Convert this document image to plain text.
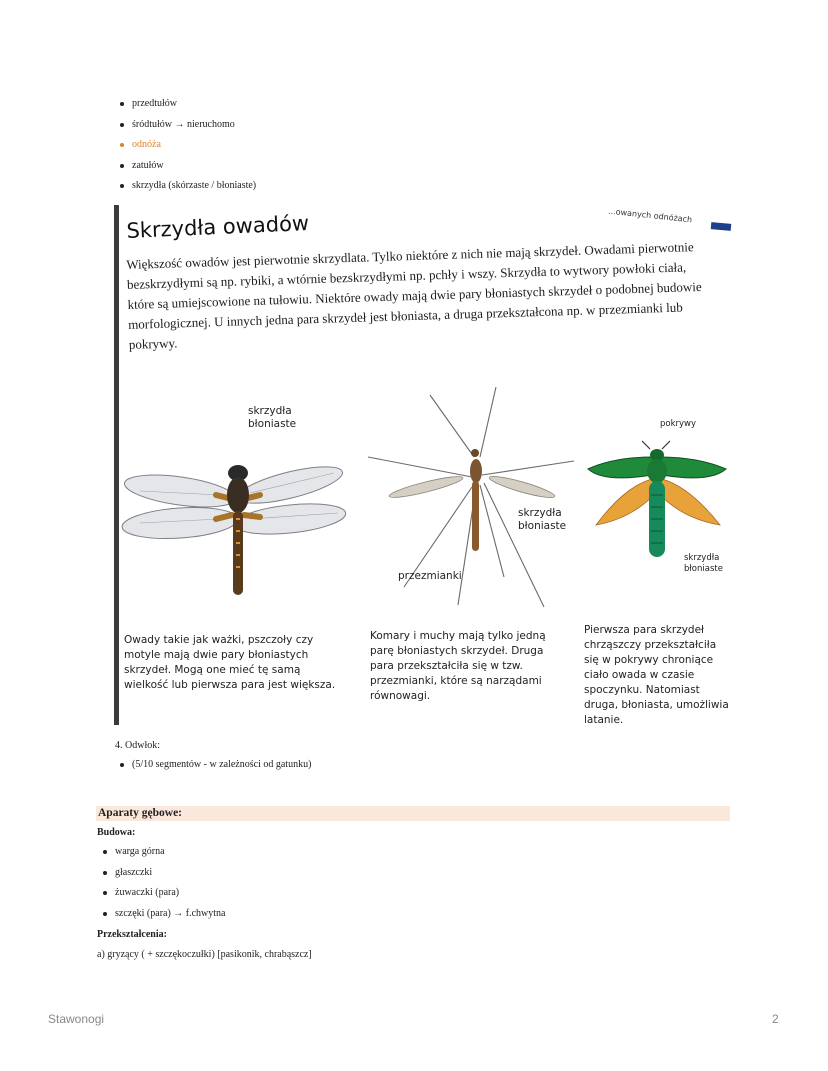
przedtułów
śródtułów → nieruchomo
odnóża
zatułów
skrzydła (skórzaste / błoniaste)
...owanych odnóżach
Skrzydła owadów
Większość owadów jest pierwotnie skrzydlata. Tylko niektóre z nich nie mają skrzydeł. Owadami pierwotnie bezskrzydłymi są np. rybiki, a wtórnie bezskrzydłymi np. pchły i wszy. Skrzydła to wytwory powłoki ciała, które są umiejscowione na tułowiu. Niektóre owady mają dwie pary błoniastych skrzydeł o podobnej budowie morfologicznej. U innych jedna para skrzydeł jest błoniasta, a druga przekształcona np. w przezmianki lub pokrywy.
skrzydła błoniaste
skrzydła błoniaste
przezmianki
pokrywy
skrzydła błoniaste
Owady takie jak ważki, pszczoły czy motyle mają dwie pary błoniastych skrzydeł. Mogą one mieć tę samą wielkość lub pierwsza para jest większa.
Komary i muchy mają tylko jedną parę błoniastych skrzydeł. Druga para przekształciła się w tzw. przezmianki, które są narządami równowagi.
Pierwsza para skrzydeł chrząszczy przekształciła się w pokrywy chroniące ciało owada w czasie spoczynku. Natomiast druga, błoniasta, umożliwia latanie.
4. Odwłok:
(5/10 segmentów - w zależności od gatunku)
Aparaty gębowe:
Budowa:
warga górna
głaszczki
żuwaczki (para)
szczęki (para) → f.chwytna
Przekształcenia:
a) gryzący ( + szczękoczułki) [pasikonik, chrabąszcz]
Stawonogi	2
